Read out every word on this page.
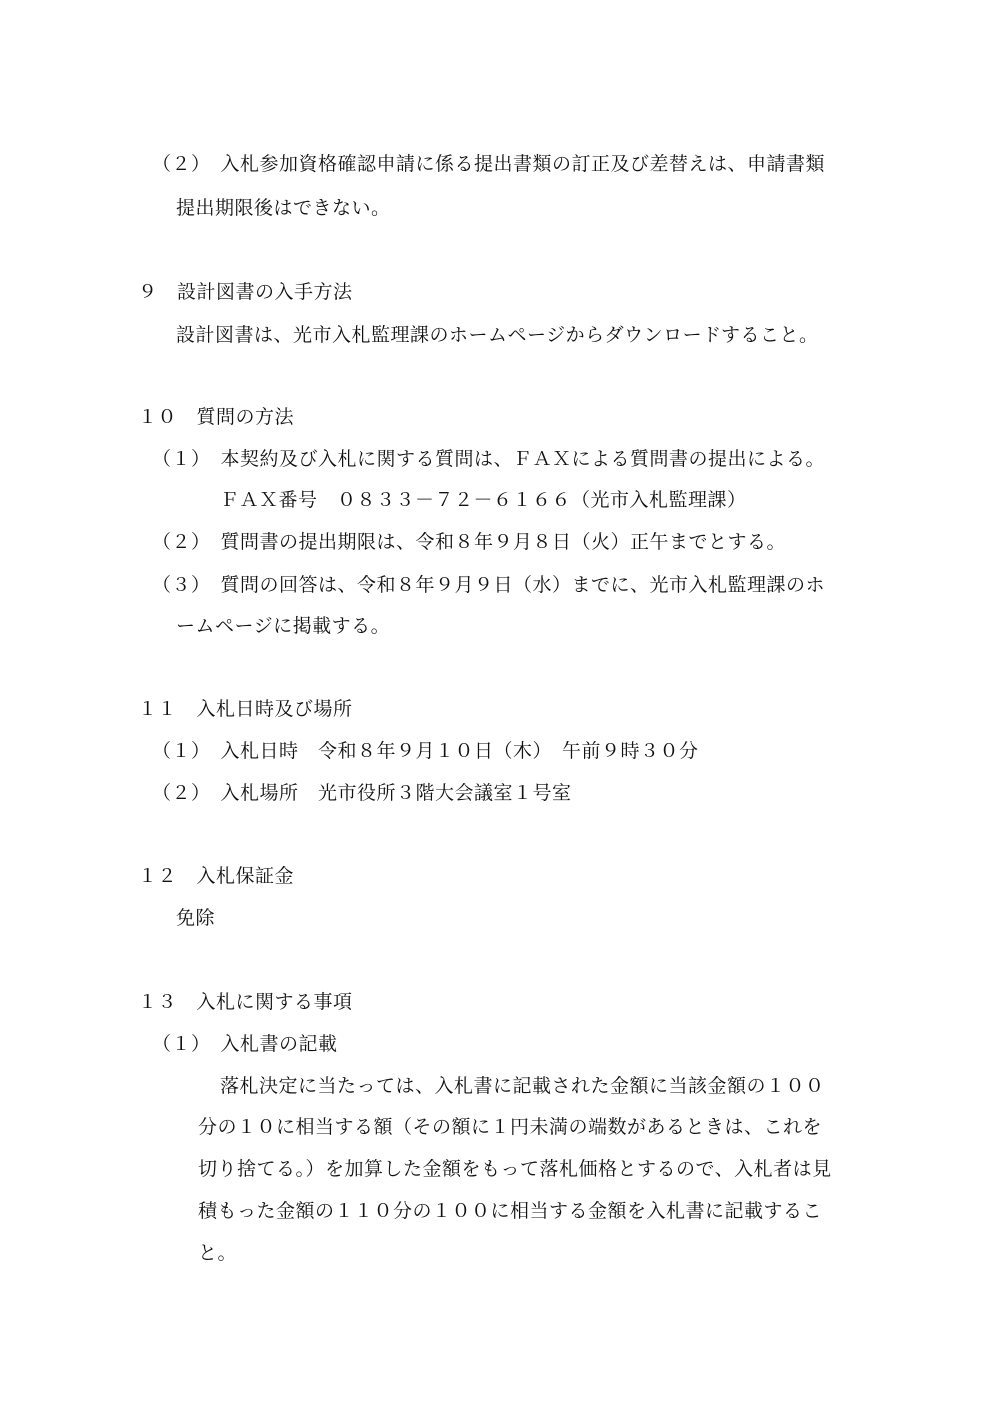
（２）　入札参加資格確認申請に係る提出書類の訂正及び差替えは、申請書類
提出期限後はできない。
９　設計図書の入手方法
設計図書は、光市入札監理課のホームページからダウンロードすること。
１０　質問の方法
（１）　本契約及び入札に関する質問は、ＦＡＸによる質問書の提出による。
ＦＡＸ番号　０８３３－７２－６１６６（光市入札監理課）
（２）　質問書の提出期限は、令和８年９月８日（火）正午までとする。
（３）　質問の回答は、令和８年９月９日（水）までに、光市入札監理課のホ
ームページに掲載する。
１１　入札日時及び場所
（１）　入札日時　令和８年９月１０日（木）　午前９時３０分
（２）　入札場所　光市役所３階大会議室１号室
１２　入札保証金
免除
１３　入札に関する事項
（１）　入札書の記載
落札決定に当たっては、入札書に記載された金額に当該金額の１００
分の１０に相当する額（その額に１円未満の端数があるときは、これを
切り捨てる。）を加算した金額をもって落札価格とするので、入札者は見
積もった金額の１１０分の１００に相当する金額を入札書に記載するこ
と。
